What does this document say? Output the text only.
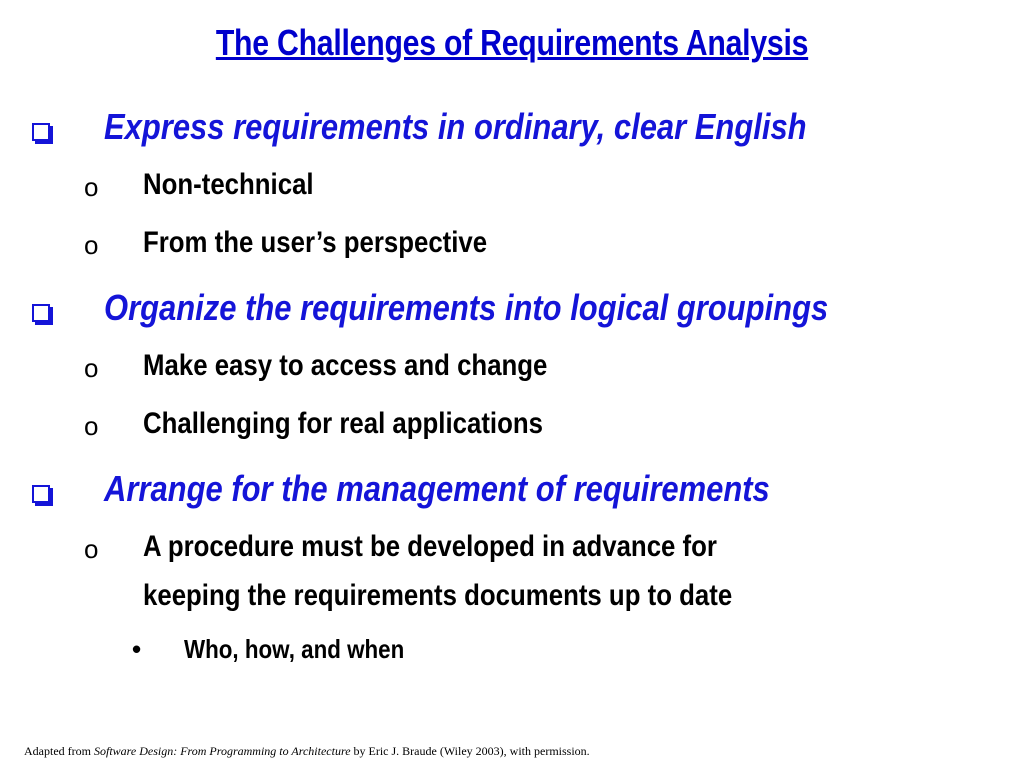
The Challenges of Requirements Analysis
Express requirements in ordinary, clear English
o Non-technical
o From the user’s perspective
Organize the requirements into logical groupings
o Make easy to access and change
o Challenging for real applications
Arrange for the management of requirements
o A procedure must be developed in advance for
keeping the requirements documents up to date
• Who, how, and when
Adapted from Software Design: From Programming to Architecture by Eric J. Braude (Wiley 2003), with permission.
